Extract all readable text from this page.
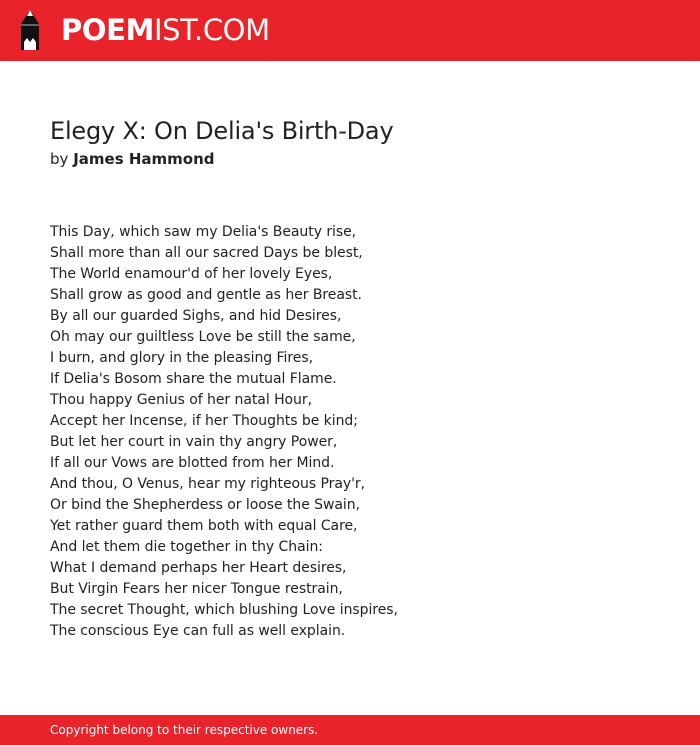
POEMIST.COM
Elegy X: On Delia's Birth-Day
by James Hammond
This Day, which saw my Delia's Beauty rise,
Shall more than all our sacred Days be blest,
The World enamour'd of her lovely Eyes,
Shall grow as good and gentle as her Breast.
By all our guarded Sighs, and hid Desires,
Oh may our guiltless Love be still the same,
I burn, and glory in the pleasing Fires,
If Delia's Bosom share the mutual Flame.
Thou happy Genius of her natal Hour,
Accept her Incense, if her Thoughts be kind;
But let her court in vain thy angry Power,
If all our Vows are blotted from her Mind.
And thou, O Venus, hear my righteous Pray'r,
Or bind the Shepherdess or loose the Swain,
Yet rather guard them both with equal Care,
And let them die together in thy Chain:
What I demand perhaps her Heart desires,
But Virgin Fears her nicer Tongue restrain,
The secret Thought, which blushing Love inspires,
The conscious Eye can full as well explain.
Copyright belong to their respective owners.
